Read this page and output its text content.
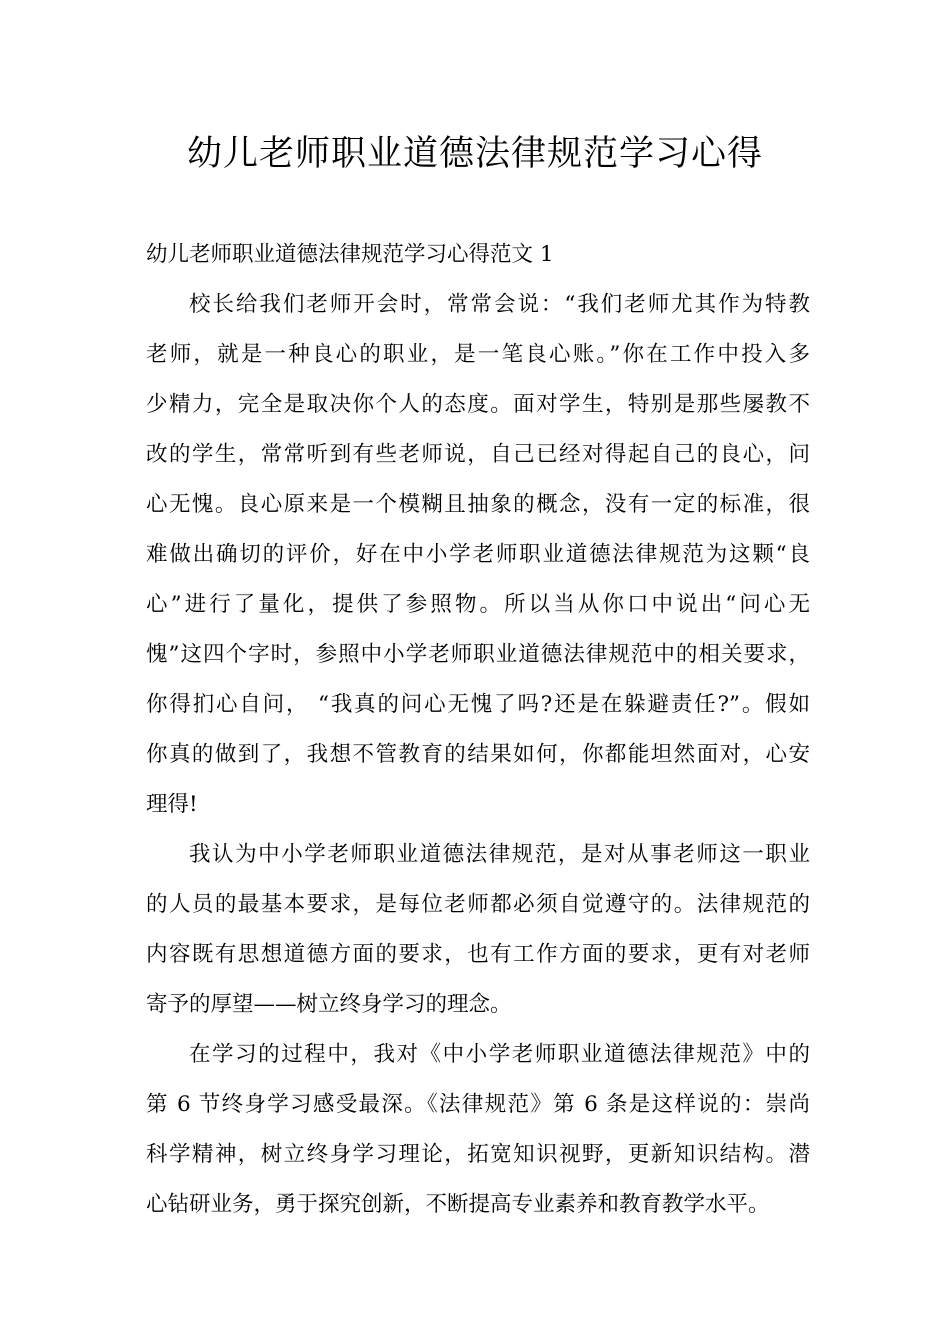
幼儿老师职业道德法律规范学习心得
幼儿老师职业道德法律规范学习心得范文 1
校长给我们老师开会时，常常会说：“我们老师尤其作为特教
老师，就是一种良心的职业，是一笔良心账。”你在工作中投入多
少精力，完全是取决你个人的态度。面对学生，特别是那些屡教不
改的学生，常常听到有些老师说，自己已经对得起自己的良心，问
心无愧。良心原来是一个模糊且抽象的概念，没有一定的标准，很
难做出确切的评价，好在中小学老师职业道德法律规范为这颗“良
心”进行了量化，提供了参照物。所以当从你口中说出“问心无
愧”这四个字时，参照中小学老师职业道德法律规范中的相关要求，
你得扪心自问， “我真的问心无愧了吗?还是在躲避责任?”。假如
你真的做到了，我想不管教育的结果如何，你都能坦然面对，心安
理得!
我认为中小学老师职业道德法律规范，是对从事老师这一职业
的人员的最基本要求，是每位老师都必须自觉遵守的。法律规范的
内容既有思想道德方面的要求，也有工作方面的要求，更有对老师
寄予的厚望——树立终身学习的理念。
在学习的过程中，我对《中小学老师职业道德法律规范》中的
第 6 节终身学习感受最深。《法律规范》第 6 条是这样说的：崇尚
科学精神，树立终身学习理论，拓宽知识视野，更新知识结构。潜
心钻研业务，勇于探究创新，不断提高专业素养和教育教学水平。
